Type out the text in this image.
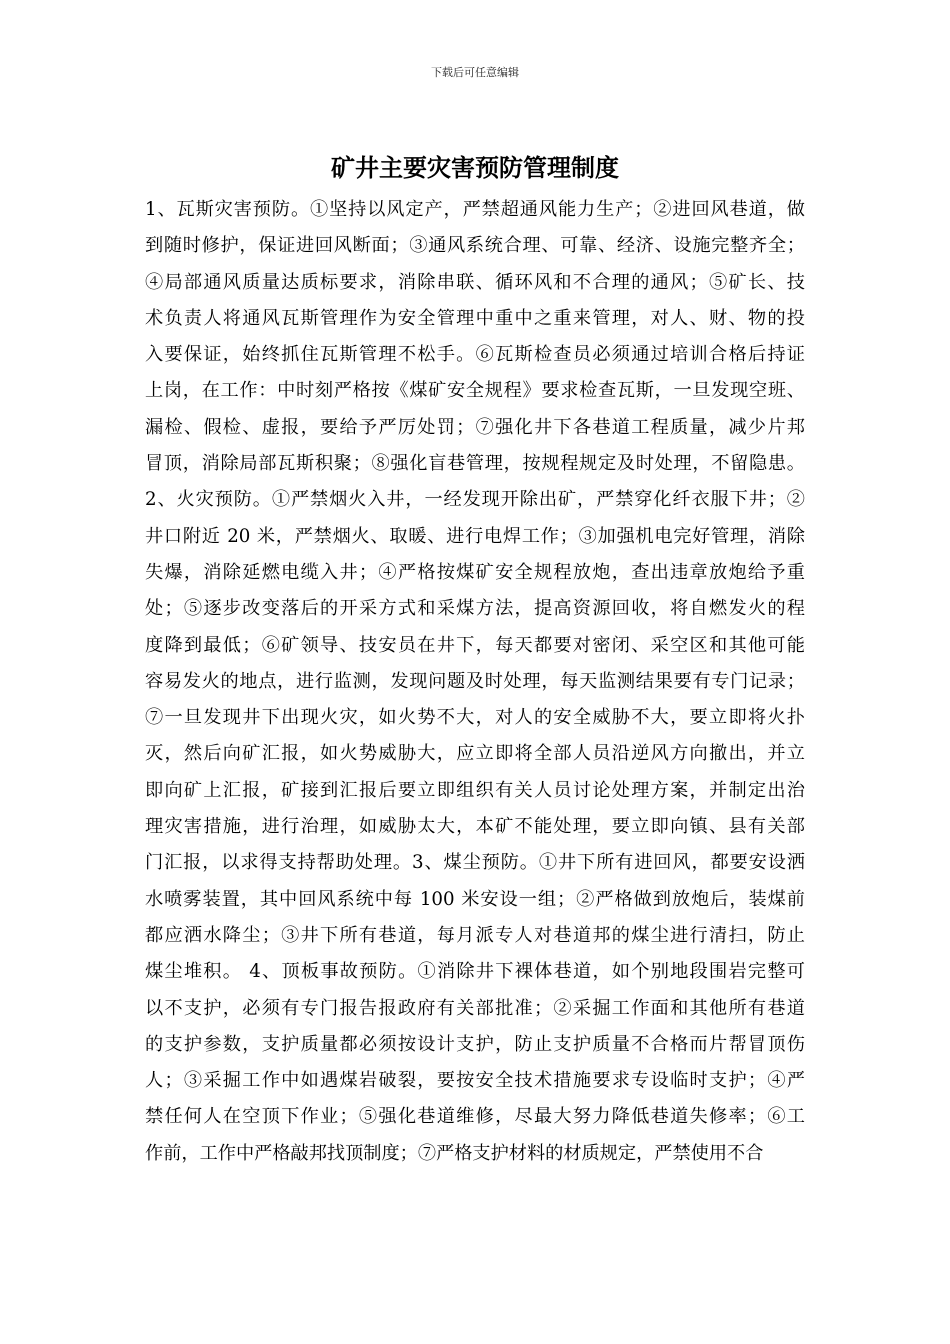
下载后可任意编辑
矿井主要灾害预防管理制度
1、瓦斯灾害预防。①坚持以风定产，严禁超通风能力生产；②进回风巷道，做
到随时修护，保证进回风断面；③通风系统合理、可靠、经济、设施完整齐全；
④局部通风质量达质标要求，消除串联、循环风和不合理的通风；⑤矿长、技
术负责人将通风瓦斯管理作为安全管理中重中之重来管理，对人、财、物的投
入要保证，始终抓住瓦斯管理不松手。⑥瓦斯检查员必须通过培训合格后持证
上岗，在工作：中时刻严格按《煤矿安全规程》要求检查瓦斯，一旦发现空班、
漏检、假检、虚报，要给予严厉处罚；⑦强化井下各巷道工程质量，减少片邦
冒顶，消除局部瓦斯积聚；⑧强化盲巷管理，按规程规定及时处理，不留隐患。
2、火灾预防。①严禁烟火入井，一经发现开除出矿，严禁穿化纤衣服下井；②
井口附近 20 米，严禁烟火、取暖、进行电焊工作；③加强机电完好管理，消除
失爆，消除延燃电缆入井；④严格按煤矿安全规程放炮，查出违章放炮给予重
处；⑤逐步改变落后的开采方式和采煤方法，提高资源回收，将自燃发火的程
度降到最低；⑥矿领导、技安员在井下，每天都要对密闭、采空区和其他可能
容易发火的地点，进行监测，发现问题及时处理，每天监测结果要有专门记录；
⑦一旦发现井下出现火灾，如火势不大，对人的安全威胁不大，要立即将火扑
灭，然后向矿汇报，如火势威胁大，应立即将全部人员沿逆风方向撤出，并立
即向矿上汇报，矿接到汇报后要立即组织有关人员讨论处理方案，并制定出治
理灾害措施，进行治理，如威胁太大，本矿不能处理，要立即向镇、县有关部
门汇报，以求得支持帮助处理。3、煤尘预防。①井下所有进回风，都要安设洒
水喷雾装置，其中回风系统中每 100 米安设一组；②严格做到放炮后，装煤前
都应洒水降尘；③井下所有巷道，每月派专人对巷道邦的煤尘进行清扫，防止
煤尘堆积。 4、顶板事故预防。①消除井下裸体巷道，如个别地段围岩完整可
以不支护，必须有专门报告报政府有关部批准；②采掘工作面和其他所有巷道
的支护参数，支护质量都必须按设计支护，防止支护质量不合格而片帮冒顶伤
人；③采掘工作中如遇煤岩破裂，要按安全技术措施要求专设临时支护；④严
禁任何人在空顶下作业；⑤强化巷道维修，尽最大努力降低巷道失修率；⑥工
作前，工作中严格敲邦找顶制度；⑦严格支护材料的材质规定，严禁使用不合
